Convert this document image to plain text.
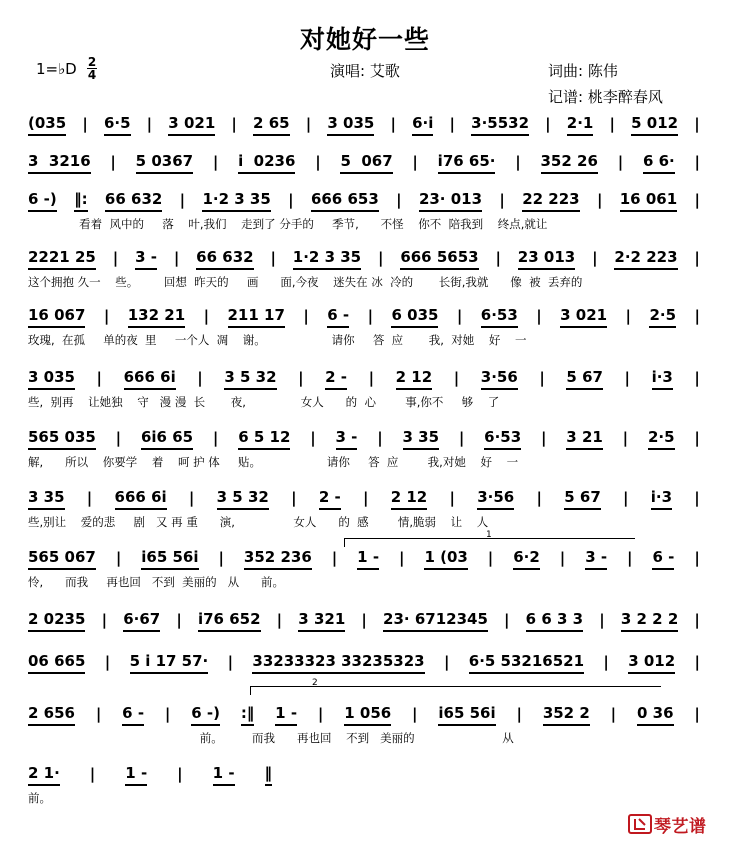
对她好一些
1=♭D 2
4	演唱: 艾歌	词曲: 陈伟
记谱: 桃李醉春风
(035 | 6·5 | 3 021 | 2 65 | 3 035 | 6·i | 3·5532 | 2·1 | 5 012 |
3  3216 | 5 0367 | i  0236 | 5  067 | i76 65· | 352 26 | 6 6· |
6 -) ‖: 66 632 | 1·2 3 35 | 666 653 | 23· 013 | 22 223 | 16 061 |
看着  风中的     落    叶,我们    走到了 分手的     季节,      不怪    你不  陪我到    终点,就让
2221 25 | 3 - | 66 632 | 1·2 3 35 | 666 5653 | 23 013 | 2·2 223 |
这个拥抱 久一    些。       回想  昨天的     画      面,今夜    迷失在 冰  冷的       长街,我就      像  被  丢弃的
16 067 | 132 21 | 211 17 | 6 - | 6 035 | 6·53 | 3 021 | 2·5 |
玫瑰,  在孤     单的夜  里     一个人  凋    谢。                  请你     答  应       我,  对她    好    一
3 035 | 666 6i | 3 5 32 | 2 - | 2 12 | 3·56 | 5 67 | i·3 |
些,  别再    让她独    守   漫 漫  长       夜,               女人      的  心        事,你不     够    了
565 035 | 6i6 65 | 6 5 12 | 3 - | 3 35 | 6·53 | 3 21 | 2·5 |
解,      所以    你要学    着    呵 护 体     贴。                  请你     答  应        我,对她    好    一
3 35 | 666 6i | 3 5 32 | 2 - | 2 12 | 3·56 | 5 67 | i·3 |
些,别让    爱的悲     剧   又 再 重      演,                女人      的  感        情,脆弱    让    人
565 067 | i65 56i | 352 236 | 1 - | 1 (03 | 6·2 | 3 - | 6 - |
怜,      而我     再也回   不到  美丽的   从      前。
2 0235 | 6·67 | i76 652 | 3 321 | 23· 6712345 | 6 6 3 3 | 3 2 2 2 |
06 665 | 5 i 17 57· | 33233323 33235323 | 6·5 53216521 | 3 012 |
2 656 | 6 - | 6 -) :‖ 1 - | 1 056 | i65 56i | 352 2 | 0 36 |
前。        而我      再也回    不到   美丽的                        从
2 1· | 1 - | 1 - ‖
前。
1
2
琴艺谱
